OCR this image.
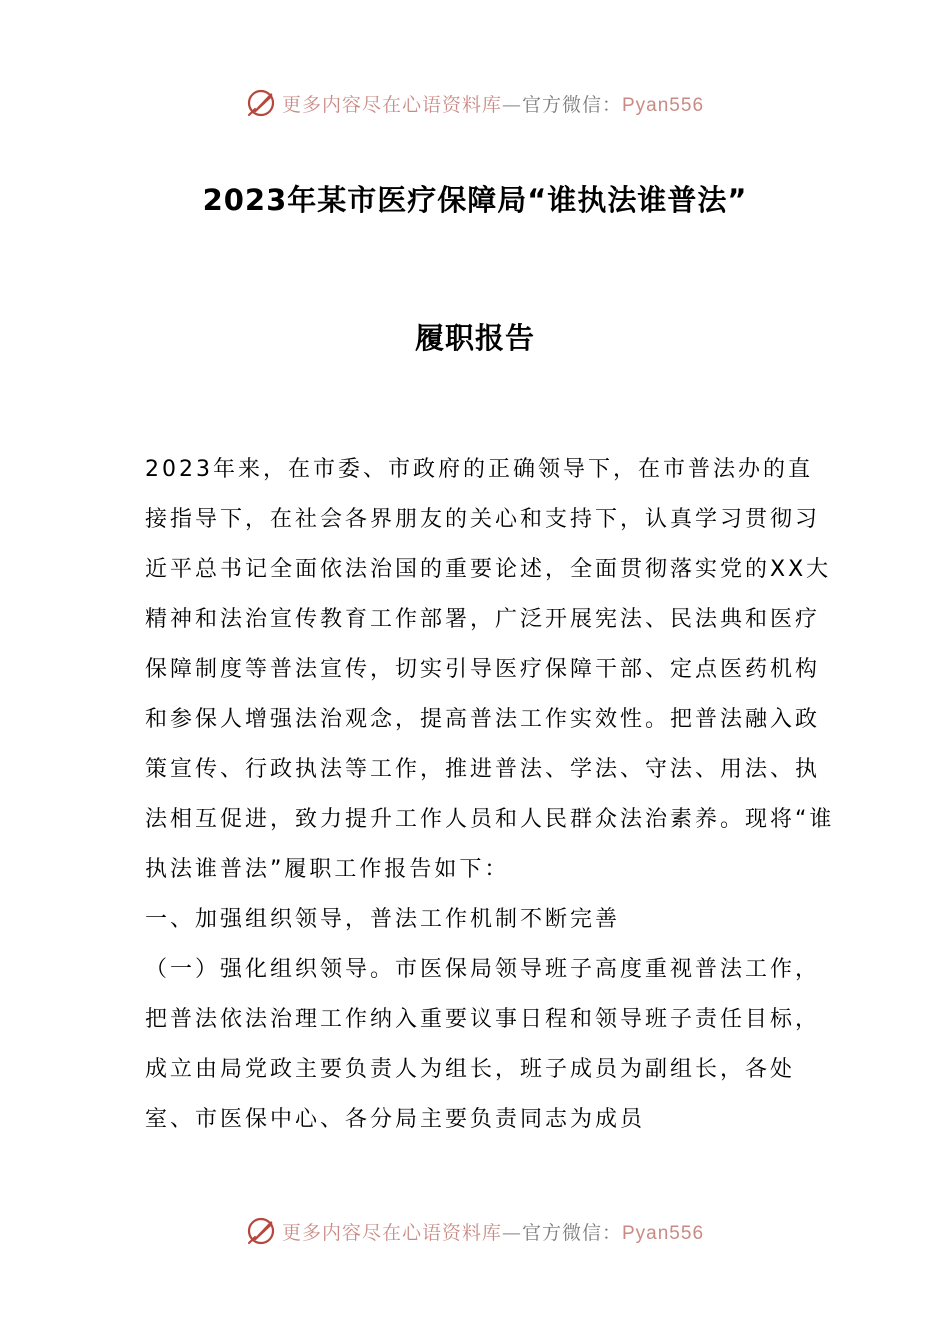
更多内容尽在心语资料库—官方微信：Pyan556
2023年某市医疗保障局“谁执法谁普法”
履职报告

2023年来，在市委、市政府的正确领导下，在市普法办的直接指导下，在社会各界朋友的关心和支持下，认真学习贯彻习近平总书记全面依法治国的重要论述，全面贯彻落实党的XX大精神和法治宣传教育工作部署，广泛开展宪法、民法典和医疗保障制度等普法宣传，切实引导医疗保障干部、定点医药机构和参保人增强法治观念，提高普法工作实效性。把普法融入政策宣传、行政执法等工作，推进普法、学法、守法、用法、执法相互促进，致力提升工作人员和人民群众法治素养。现将“谁执法谁普法”履职工作报告如下：

一、加强组织领导，普法工作机制不断完善

（一）强化组织领导。市医保局领导班子高度重视普法工作，把普法依法治理工作纳入重要议事日程和领导班子责任目标，成立由局党政主要负责人为组长，班子成员为副组长，各处室、市医保中心、各分局主要负责同志为成员

更多内容尽在心语资料库—官方微信：Pyan556
